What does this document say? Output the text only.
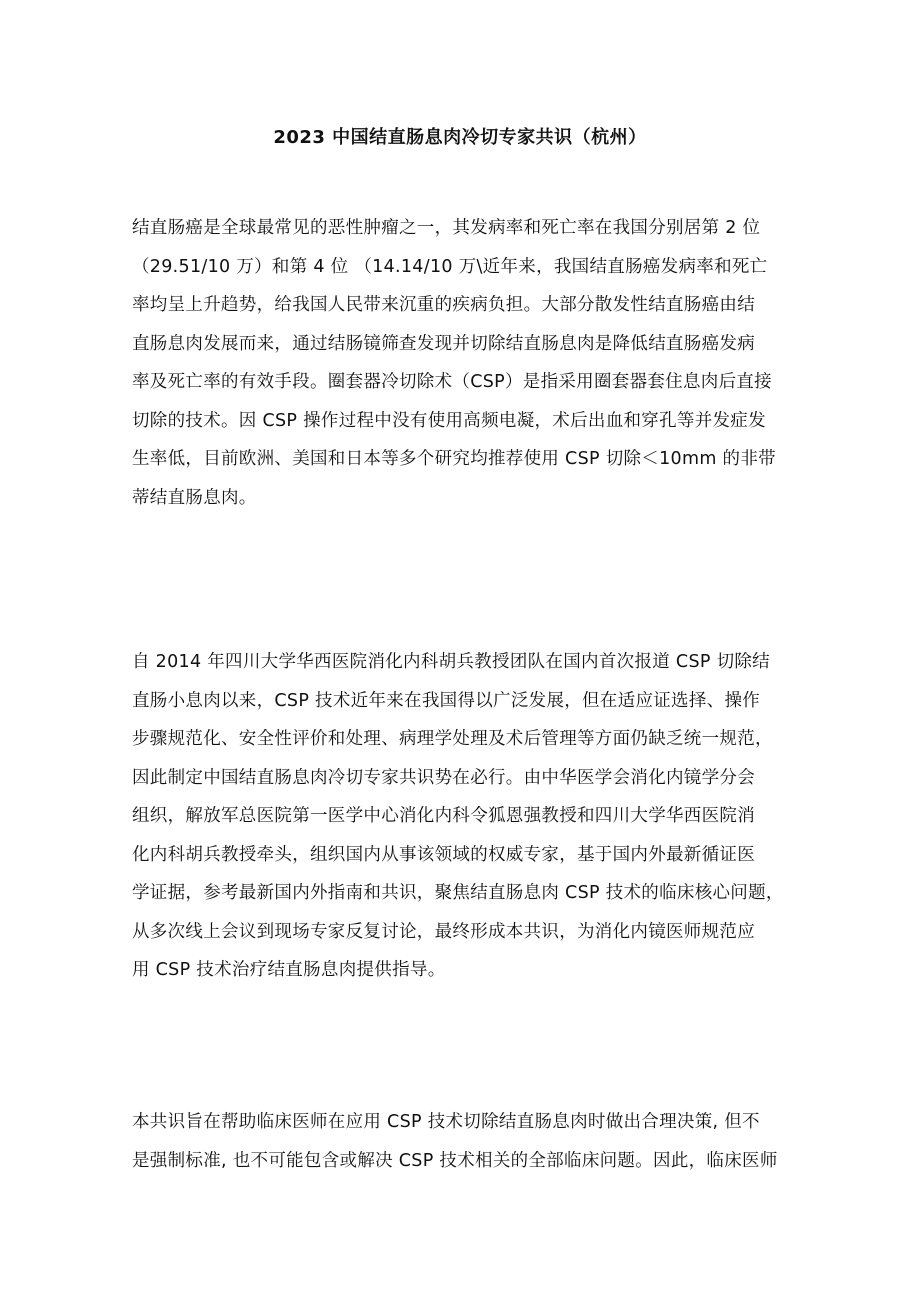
2023 中国结直肠息肉冷切专家共识（杭州）
结直肠癌是全球最常见的恶性肿瘤之一，其发病率和死亡率在我国分别居第 2 位
（29.51/10 万）和第 4 位 （14.14/10 万\近年来，我国结直肠癌发病率和死亡
率均呈上升趋势，给我国人民带来沉重的疾病负担。大部分散发性结直肠癌由结
直肠息肉发展而来，通过结肠镜筛查发现并切除结直肠息肉是降低结直肠癌发病
率及死亡率的有效手段。圈套器冷切除术（CSP）是指采用圈套器套住息肉后直接
切除的技术。因 CSP 操作过程中没有使用高频电凝，术后出血和穿孔等并发症发
生率低，目前欧洲、美国和日本等多个研究均推荐使用 CSP 切除＜10mm 的非带
蒂结直肠息肉。
自 2014 年四川大学华西医院消化内科胡兵教授团队在国内首次报道 CSP 切除结
直肠小息肉以来，CSP 技术近年来在我国得以广泛发展，但在适应证选择、操作
步骤规范化、安全性评价和处理、病理学处理及术后管理等方面仍缺乏统一规范，
因此制定中国结直肠息肉冷切专家共识势在必行。由中华医学会消化内镜学分会
组织，解放军总医院第一医学中心消化内科令狐恩强教授和四川大学华西医院消
化内科胡兵教授牵头，组织国内从事该领域的权威专家，基于国内外最新循证医
学证据，参考最新国内外指南和共识，聚焦结直肠息肉 CSP 技术的临床核心问题，
从多次线上会议到现场专家反复讨论，最终形成本共识，为消化内镜医师规范应
用 CSP 技术治疗结直肠息肉提供指导。
本共识旨在帮助临床医师在应用 CSP 技术切除结直肠息肉时做出合理决策, 但不
是强制标准, 也不可能包含或解决 CSP 技术相关的全部临床问题。因此，临床医师
